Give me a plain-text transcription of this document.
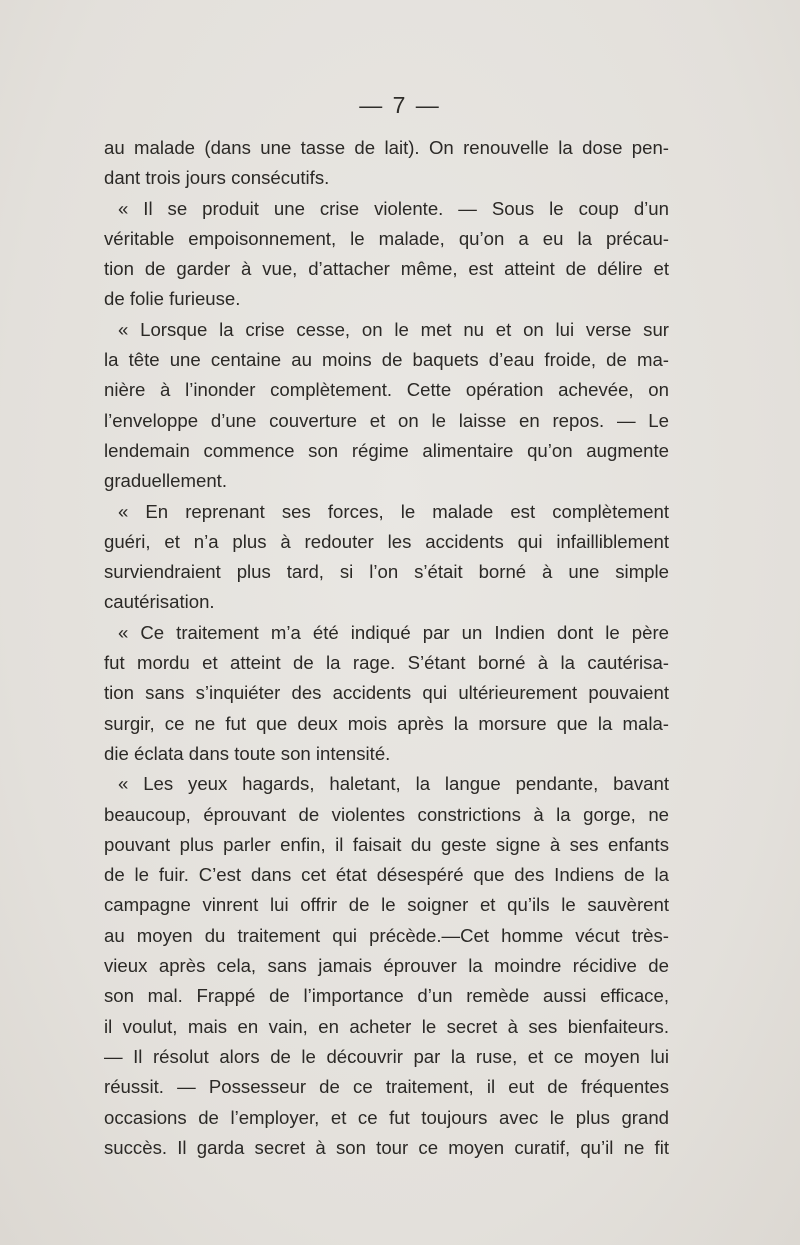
— 7 —
au malade (dans une tasse de lait). On renouvelle la dose pen-
dant trois jours consécutifs.
« Il se produit une crise violente. — Sous le coup d’un
véritable empoisonnement, le malade, qu’on a eu la précau-
tion de garder à vue, d’attacher même, est atteint de délire et
de folie furieuse.
« Lorsque la crise cesse, on le met nu et on lui verse sur
la tête une centaine au moins de baquets d’eau froide, de ma-
nière à l’inonder complètement. Cette opération achevée, on
l’enveloppe d’une couverture et on le laisse en repos. — Le
lendemain commence son régime alimentaire qu’on augmente
graduellement.
« En reprenant ses forces, le malade est complètement
guéri, et n’a plus à redouter les accidents qui infailliblement
surviendraient plus tard, si l’on s’était borné à une simple
cautérisation.
« Ce traitement m’a été indiqué par un Indien dont le père
fut mordu et atteint de la rage. S’étant borné à la cautérisa-
tion sans s’inquiéter des accidents qui ultérieurement pouvaient
surgir, ce ne fut que deux mois après la morsure que la mala-
die éclata dans toute son intensité.
« Les yeux hagards, haletant, la langue pendante, bavant
beaucoup, éprouvant de violentes constrictions à la gorge, ne
pouvant plus parler enfin, il faisait du geste signe à ses enfants
de le fuir. C’est dans cet état désespéré que des Indiens de la
campagne vinrent lui offrir de le soigner et qu’ils le sauvèrent
au moyen du traitement qui précède.—Cet homme vécut très-
vieux après cela, sans jamais éprouver la moindre récidive de
son mal. Frappé de l’importance d’un remède aussi efficace,
il voulut, mais en vain, en acheter le secret à ses bienfaiteurs.
— Il résolut alors de le découvrir par la ruse, et ce moyen lui
réussit. — Possesseur de ce traitement, il eut de fréquentes
occasions de l’employer, et ce fut toujours avec le plus grand
succès. Il garda secret à son tour ce moyen curatif, qu’il ne fit
